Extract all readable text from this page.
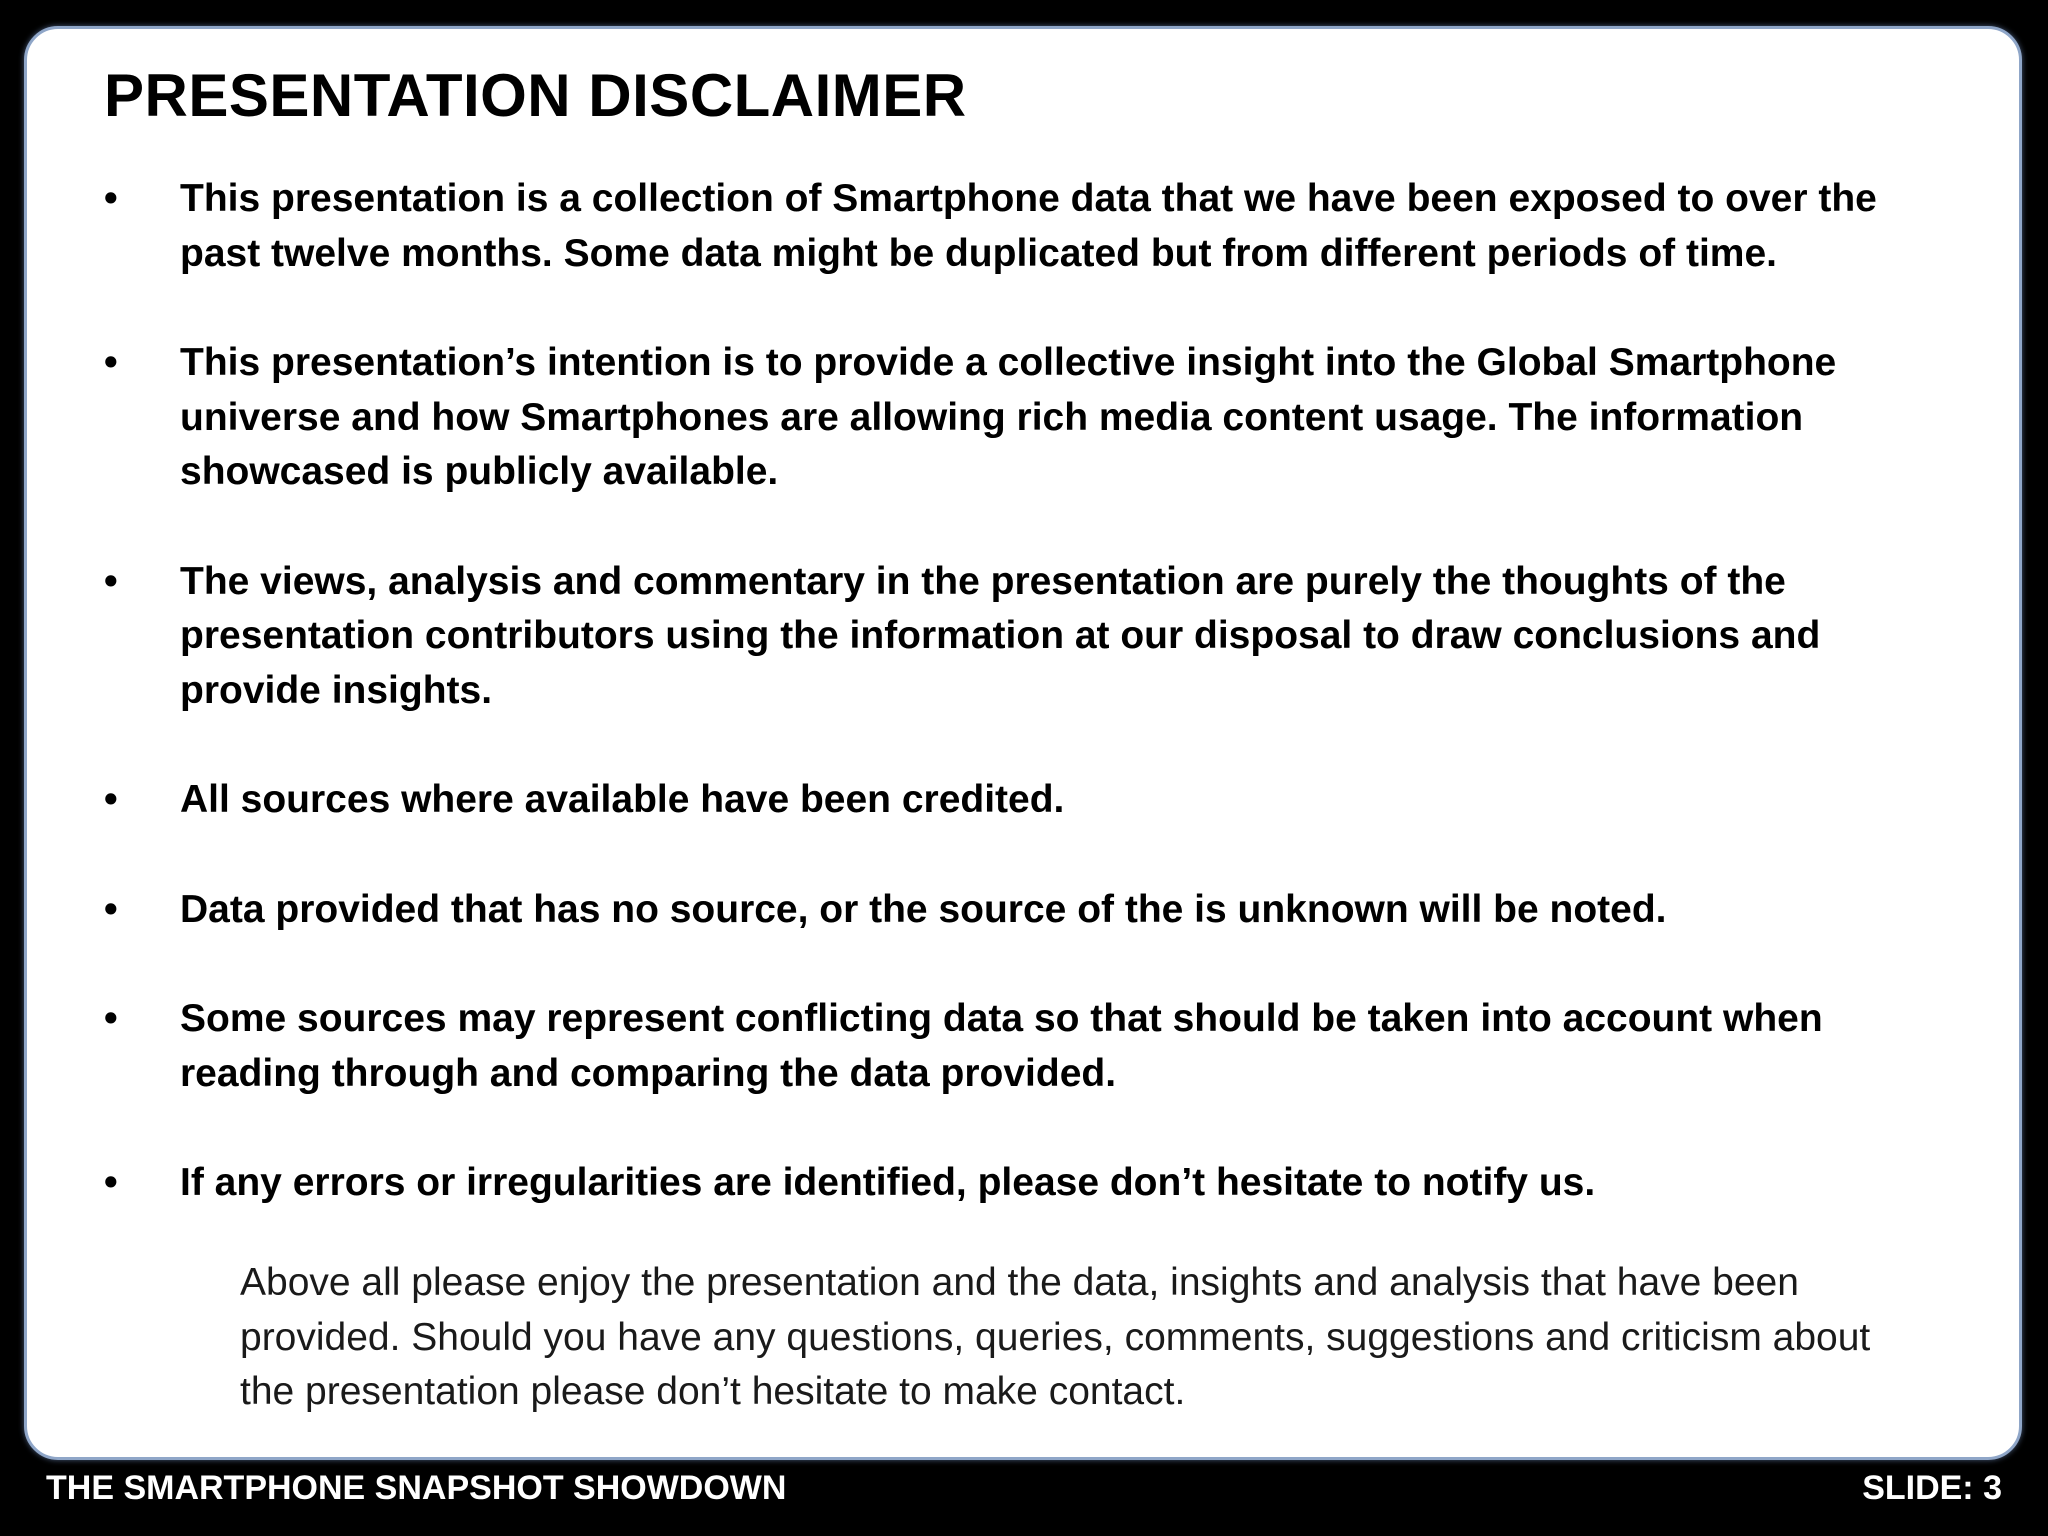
PRESENTATION DISCLAIMER
• This presentation is a collection of Smartphone data that we have been exposed to over the past twelve months. Some data might be duplicated but from different periods of time.
• This presentation’s intention is to provide a collective insight into the Global Smartphone universe and how Smartphones are allowing rich media content usage. The information showcased is publicly available.
• The views, analysis and commentary in the presentation are purely the thoughts of the presentation contributors using the information at our disposal to draw conclusions and provide insights.
• All sources where available have been credited.
• Data provided that has no source, or the source of the is unknown will be noted.
• Some sources may represent conflicting data so that should be taken into account when reading through and comparing the data provided.
• If any errors or irregularities are identified, please don’t hesitate to notify us.

Above all please enjoy the presentation and the data, insights and analysis that have been provided. Should you have any questions, queries, comments, suggestions and criticism about the presentation please don’t hesitate to make contact.

THE SMARTPHONE SNAPSHOT SHOWDOWN	SLIDE: 3
